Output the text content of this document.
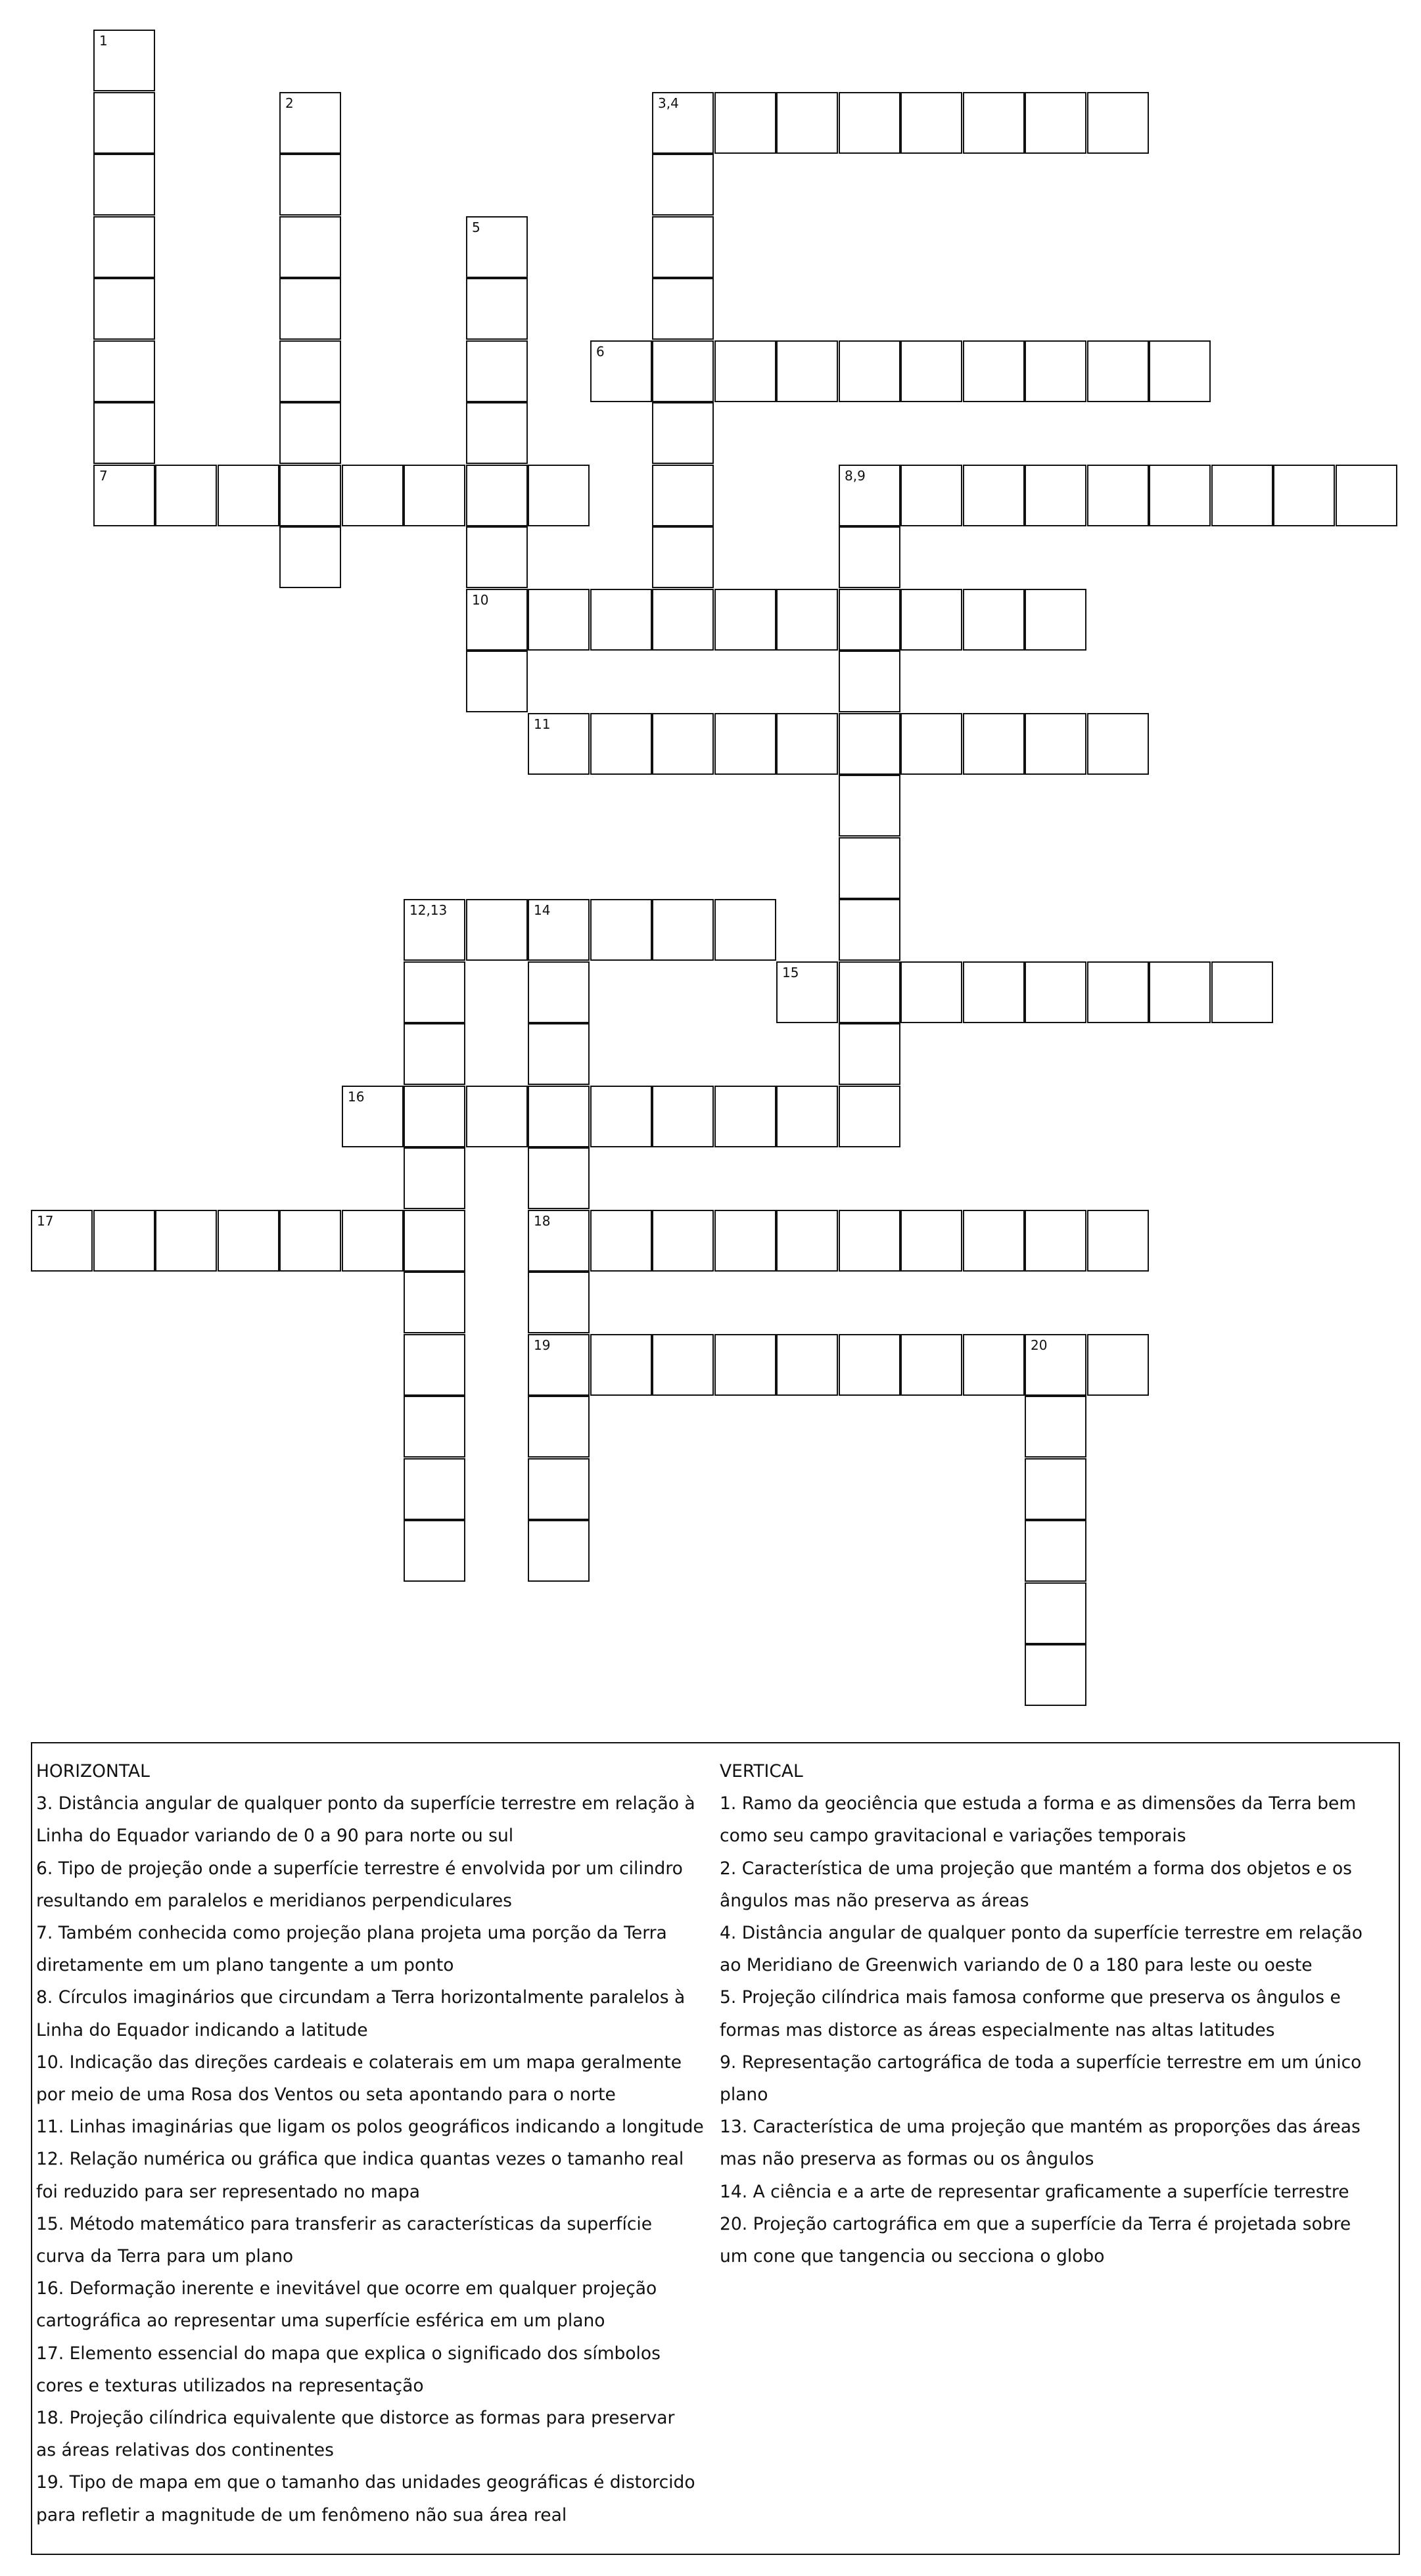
1
2	3,4
5
10
6
7	8,9
11
12,13	14
18
19
15
16
17
20
HORIZONTAL
3. Distância angular de qualquer ponto da superfície terrestre em relação à
Linha do Equador variando de 0 a 90 para norte ou sul
6. Tipo de projeção onde a superfície terrestre é envolvida por um cilindro
resultando em paralelos e meridianos perpendiculares
7. Também conhecida como projeção plana projeta uma porção da Terra
diretamente em um plano tangente a um ponto
8. Círculos imaginários que circundam a Terra horizontalmente paralelos à
Linha do Equador indicando a latitude
10. Indicação das direções cardeais e colaterais em um mapa geralmente
por meio de uma Rosa dos Ventos ou seta apontando para o norte
11. Linhas imaginárias que ligam os polos geográficos indicando a longitude
12. Relação numérica ou gráfica que indica quantas vezes o tamanho real
foi reduzido para ser representado no mapa
15. Método matemático para transferir as características da superfície
curva da Terra para um plano
16. Deformação inerente e inevitável que ocorre em qualquer projeção
cartográfica ao representar uma superfície esférica em um plano
17. Elemento essencial do mapa que explica o significado dos símbolos
cores e texturas utilizados na representação
18. Projeção cilíndrica equivalente que distorce as formas para preservar
as áreas relativas dos continentes
19. Tipo de mapa em que o tamanho das unidades geográficas é distorcido
para refletir a magnitude de um fenômeno não sua área real
VERTICAL
1. Ramo da geociência que estuda a forma e as dimensões da Terra bem
como seu campo gravitacional e variações temporais
2. Característica de uma projeção que mantém a forma dos objetos e os
ângulos mas não preserva as áreas
4. Distância angular de qualquer ponto da superfície terrestre em relação
ao Meridiano de Greenwich variando de 0 a 180 para leste ou oeste
5. Projeção cilíndrica mais famosa conforme que preserva os ângulos e
formas mas distorce as áreas especialmente nas altas latitudes
9. Representação cartográfica de toda a superfície terrestre em um único
plano
13. Característica de uma projeção que mantém as proporções das áreas
mas não preserva as formas ou os ângulos
14. A ciência e a arte de representar graficamente a superfície terrestre
20. Projeção cartográfica em que a superfície da Terra é projetada sobre
um cone que tangencia ou secciona o globo
